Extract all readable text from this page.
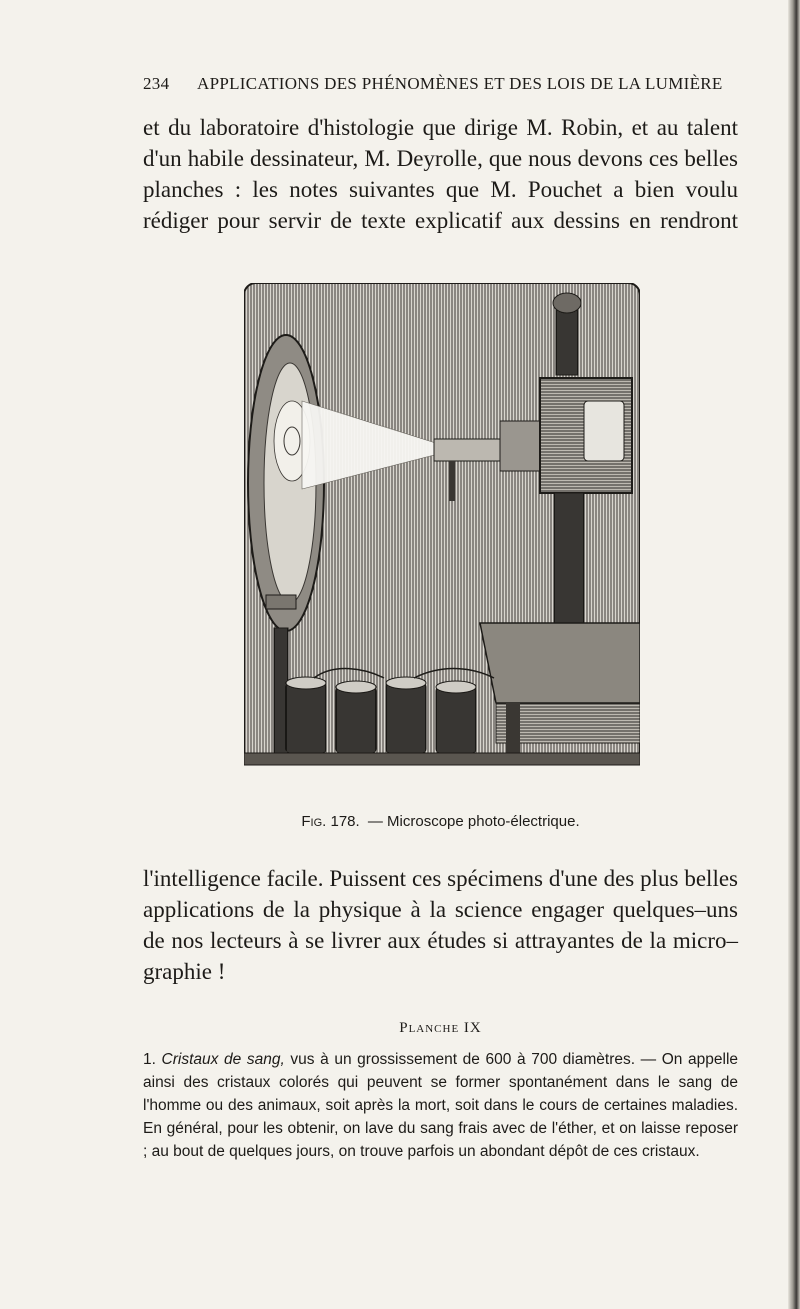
234	APPLICATIONS DES PHÉNOMÈNES ET DES LOIS DE LA LUMIÈRE
et du laboratoire d'histologie que dirige M. Robin, et au talent
d'un habile dessinateur, M. Deyrolle, que nous devons ces belles
planches : les notes suivantes que M. Pouchet a bien voulu
rédiger pour servir de texte explicatif aux dessins en rendront
Fig. 178. — Microscope photo-électrique.
l'intelligence facile. Puissent ces spécimens d'une des plus belles
applications de la physique à la science engager quelques–uns
de nos lecteurs à se livrer aux études si attrayantes de la micro–
graphie !
Planche IX
1. Cristaux de sang, vus à un grossissement de 600 à 700 diamètres. — On appelle ainsi des cristaux colorés qui peuvent se former spontanément dans le sang de l'homme ou des animaux, soit après la mort, soit dans le cours de certaines maladies. En général, pour les obtenir, on lave du sang frais avec de l'éther, et on laisse reposer ; au bout de quelques jours, on trouve parfois un abondant dépôt de ces cristaux.
